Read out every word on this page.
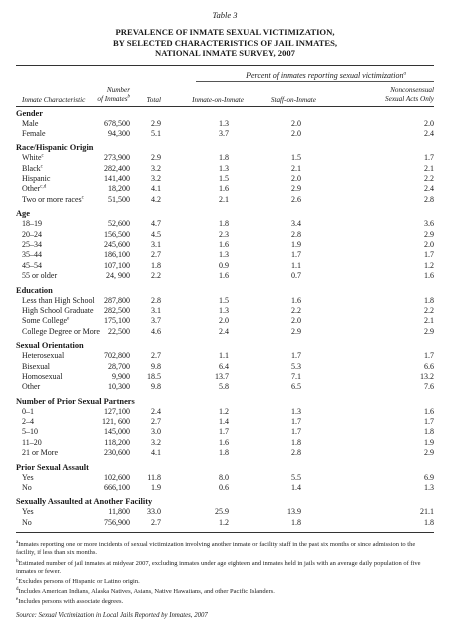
Table 3
PREVALENCE OF INMATE SEXUAL VICTIMIZATION,
BY SELECTED CHARACTERISTICS OF JAIL INMATES,
NATIONAL INMATE SURVEY, 2007
Percent of inmates reporting sexual victimization$^a$
Inmate Characteristic
Number
of Inmates$^b$ Total	Inmate-on-Inmate	Staff-on-Inmate
Nonconsensual
Sexual Acts Only
Gender
Male	678,500	2.9	1.3	2.0	2.0
Female	94,300	5.1	3.7	2.0	2.4
Race/Hispanic Origin
White$^c$	273,900	2.9	1.8	1.5	1.7
Black$^c$	282,400	3.2	1.3	2.1	2.1
Hispanic	141,400	3.2	1.5	2.0	2.2
Other$^{c,d}$	18,200	4.1	1.6	2.9	2.4
Two or more races$^c$	51,500	4.2	2.1	2.6	2.8
Age
18–19	52,600	4.7	1.8	3.4	3.6
20–24	156,500	4.5	2.3	2.8	2.9
25–34	245,600	3.1	1.6	1.9	2.0
35–44	186,100	2.7	1.3	1.7	1.7
45–54	107,100	1.8	0.9	1.1	1.2
55 or older	24, 900	2.2	1.6	0.7	1.6
Education
Less than High School 287,800	2.8	1.5	1.6	1.8
High School Graduate 282,500	3.1	1.3	2.2	2.2
Some College$^e$	175,100	3.7	2.0	2.0	2.1
College Degree or More 22,500	4.6	2.4	2.9	2.9
Sexual Orientation
Heterosexual	702,800	2.7	1.1	1.7	1.7
Bisexual	28,700	9.8	6.4	5.3	6.6
Homosexual	9,900 18.5	13.7	7.1	13.2
Other	10,300	9.8	5.8	6.5	7.6
Number of Prior Sexual Partners
0–1	127,100	2.4	1.2	1.3	1.6
2–4	121, 600	2.7	1.4	1.7	1.7
5–10	145,000	3.0	1.7	1.7	1.8
11–20	118,200	3.2	1.6	1.8	1.9
21 or More	230,600	4.1	1.8	2.8	2.9
Prior Sexual Assault
Yes	102,600 11.8	8.0	5.5	6.9
No	666,100	1.9	0.6	1.4	1.3
Sexually Assaulted at Another Facility
Yes	11,800 33.0	25.9	13.9	21.1
No	756,900	2.7	1.2	1.8	1.8

$^a$Inmates reporting one or more incidents of sexual victimization involving another inmate or facility staff in the past six months or since admission to the facility, if less than six months.

$^b$Estimated number of jail inmates at midyear 2007, excluding inmates under age eighteen and inmates held in jails with an average daily population of five inmates or fewer.

$^c$Excludes persons of Hispanic or Latino origin.

$^d$Includes American Indians, Alaska Natives, Asians, Native Hawaiians, and other Pacific Islanders.

$^e$Includes persons with associate degrees.

Source: Sexual Victimization in Local Jails Reported by Inmates, 2007
